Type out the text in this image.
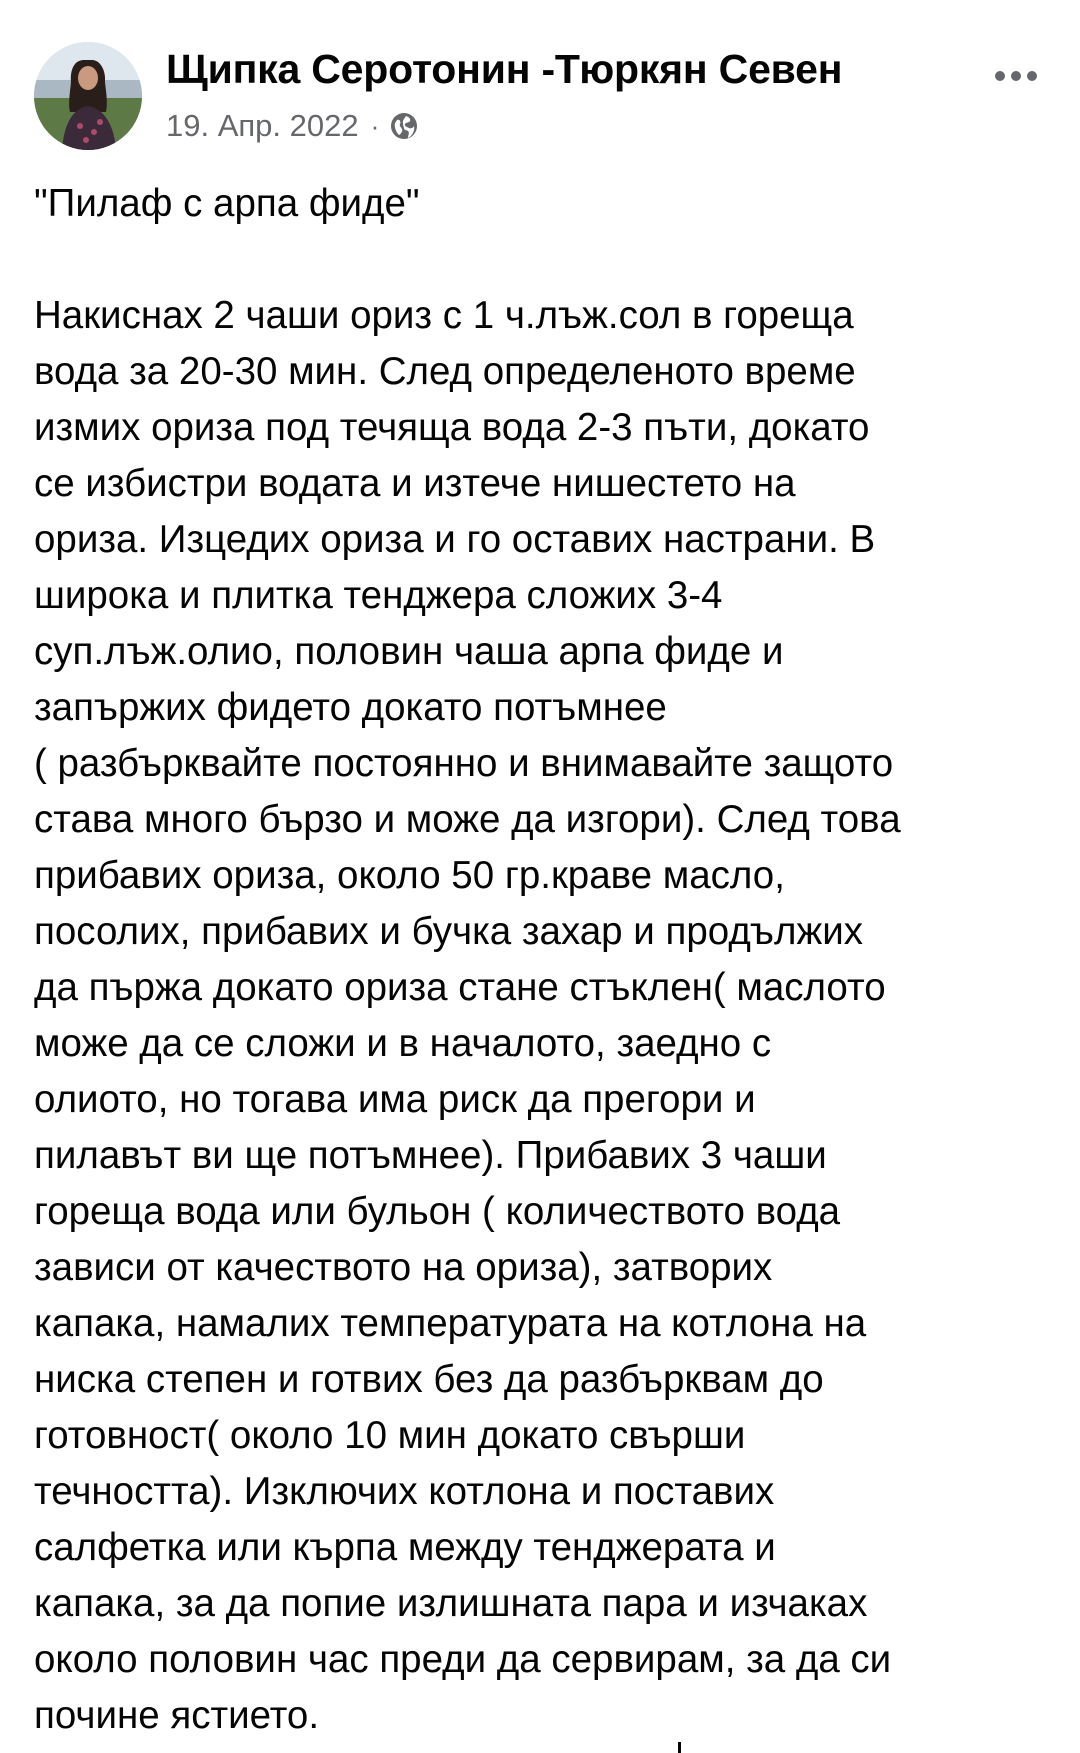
Щипка Серотонин -Тюркян Севен
19. Апр. 2022 ·

"Пилаф с арпа фиде"

Накиснах 2 чаши ориз с 1 ч.лъж.сол в гореща
вода за 20-30 мин. След определеното време
измих ориза под течяща вода 2-3 пъти, докато
се избистри водата и изтече нишестето на
ориза. Изцедих ориза и го оставих настрани. В
широка и плитка тенджера сложих 3-4
суп.лъж.олио, половин чаша арпа фиде и
запържих фидето докато потъмнее
( разбърквайте постоянно и внимавайте защото
става много бързо и може да изгори). След това
прибавих ориза, около 50 гр.краве масло,
посолих, прибавих и бучка захар и продължих
да пържа докато ориза стане стъклен( маслото
може да се сложи и в началото, заедно с
олиото, но тогава има риск да прегори и
пилавът ви ще потъмнее). Прибавих 3 чаши
гореща вода или бульон ( количеството вода
зависи от качеството на ориза), затворих
капака, намалих температурата на котлона на
ниска степен и готвих без да разбърквам до
готовност( около 10 мин докато свърши
течността). Изключих котлона и поставих
салфетка или кърпа между тенджерата и
капака, за да попие излишната пара и изчаках
около половин час преди да сервирам, за да си
почине ястието.
